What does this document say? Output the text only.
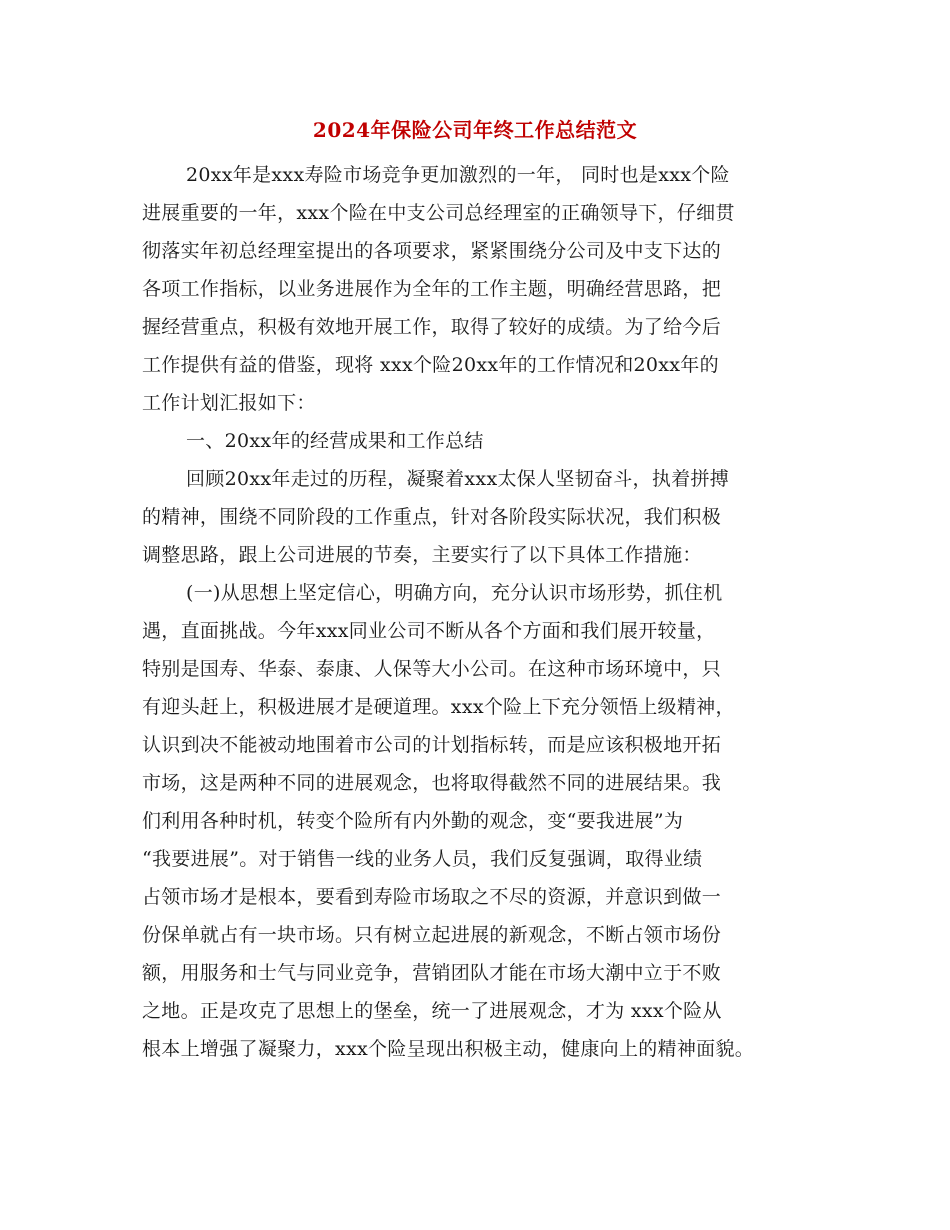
2024年保险公司年终工作总结范文
20xx年是xxx寿险市场竞争更加激烈的一年， 同时也是xxx个险
进展重要的一年，xxx个险在中支公司总经理室的正确领导下，仔细贯
彻落实年初总经理室提出的各项要求，紧紧围绕分公司及中支下达的
各项工作指标，以业务进展作为全年的工作主题，明确经营思路，把
握经营重点，积极有效地开展工作，取得了较好的成绩。为了给今后
工作提供有益的借鉴，现将 xxx个险20xx年的工作情况和20xx年的
工作计划汇报如下：
一、20xx年的经营成果和工作总结
回顾20xx年走过的历程，凝聚着xxx太保人坚韧奋斗，执着拼搏
的精神，围绕不同阶段的工作重点，针对各阶段实际状况，我们积极
调整思路，跟上公司进展的节奏，主要实行了以下具体工作措施：
(一)从思想上坚定信心，明确方向，充分认识市场形势，抓住机
遇，直面挑战。今年xxx同业公司不断从各个方面和我们展开较量，
特别是国寿、华泰、泰康、人保等大小公司。在这种市场环境中，只
有迎头赶上，积极进展才是硬道理。xxx个险上下充分领悟上级精神，
认识到决不能被动地围着市公司的计划指标转，而是应该积极地开拓
市场，这是两种不同的进展观念，也将取得截然不同的进展结果。我
们利用各种时机，转变个险所有内外勤的观念，变“要我进展”为
“我要进展”。对于销售一线的业务人员，我们反复强调，取得业绩
占领市场才是根本，要看到寿险市场取之不尽的资源，并意识到做一
份保单就占有一块市场。只有树立起进展的新观念，不断占领市场份
额，用服务和士气与同业竞争，营销团队才能在市场大潮中立于不败
之地。正是攻克了思想上的堡垒，统一了进展观念，才为 xxx个险从
根本上增强了凝聚力，xxx个险呈现出积极主动，健康向上的精神面貌。
